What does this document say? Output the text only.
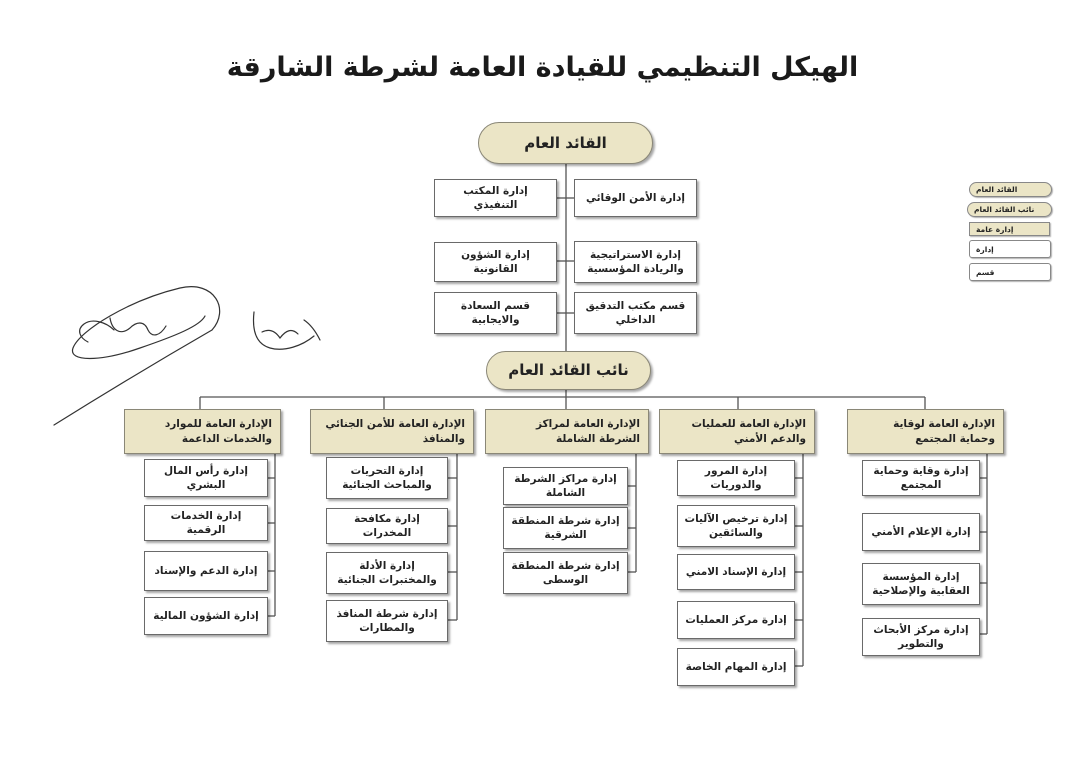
الهيكل التنظيمي للقيادة العامة لشرطة الشارقة
القائد العام
إدارة الأمن الوقائي
إدارة الاستراتيجية والريادة المؤسسية
قسم مكتب التدقيق الداخلي
إدارة المكتب التنفيذي
إدارة الشؤون القانونية
قسم السعادة والايجابية
نائب القائد العام
الإدارة العامة لوقاية وحماية المجتمع
الإدارة العامة للعمليات والدعم الأمني
الإدارة العامة لمراكز الشرطة الشاملة
الإدارة العامة للأمن الجنائي والمنافذ
الإدارة العامة للموارد والخدمات الداعمة
إدارة وقاية وحماية المجتمع
إدارة الإعلام الأمني
إدارة المؤسسة العقابية والإصلاحية
إدارة مركز الأبحاث والتطوير
إدارة المرور والدوريات
إدارة ترخيص الآليات والسائقين
إدارة الإسناد الامني
إدارة مركز العمليات
إدارة المهام الخاصة
إدارة مراكز الشرطة الشاملة
إدارة شرطة المنطقة الشرقية
إدارة شرطة المنطقة الوسطى
إدارة التحريات والمباحث الجنائية
إدارة مكافحة المخدرات
إدارة الأدلة والمختبرات الجنائية
إدارة شرطة المنافذ والمطارات
إدارة رأس المال البشري
إدارة الخدمات الرقمية
إدارة الدعم والإسناد
إدارة الشؤون المالية
القائد العام
نائب القائد العام
إدارة عامة
إدارة
قسم
